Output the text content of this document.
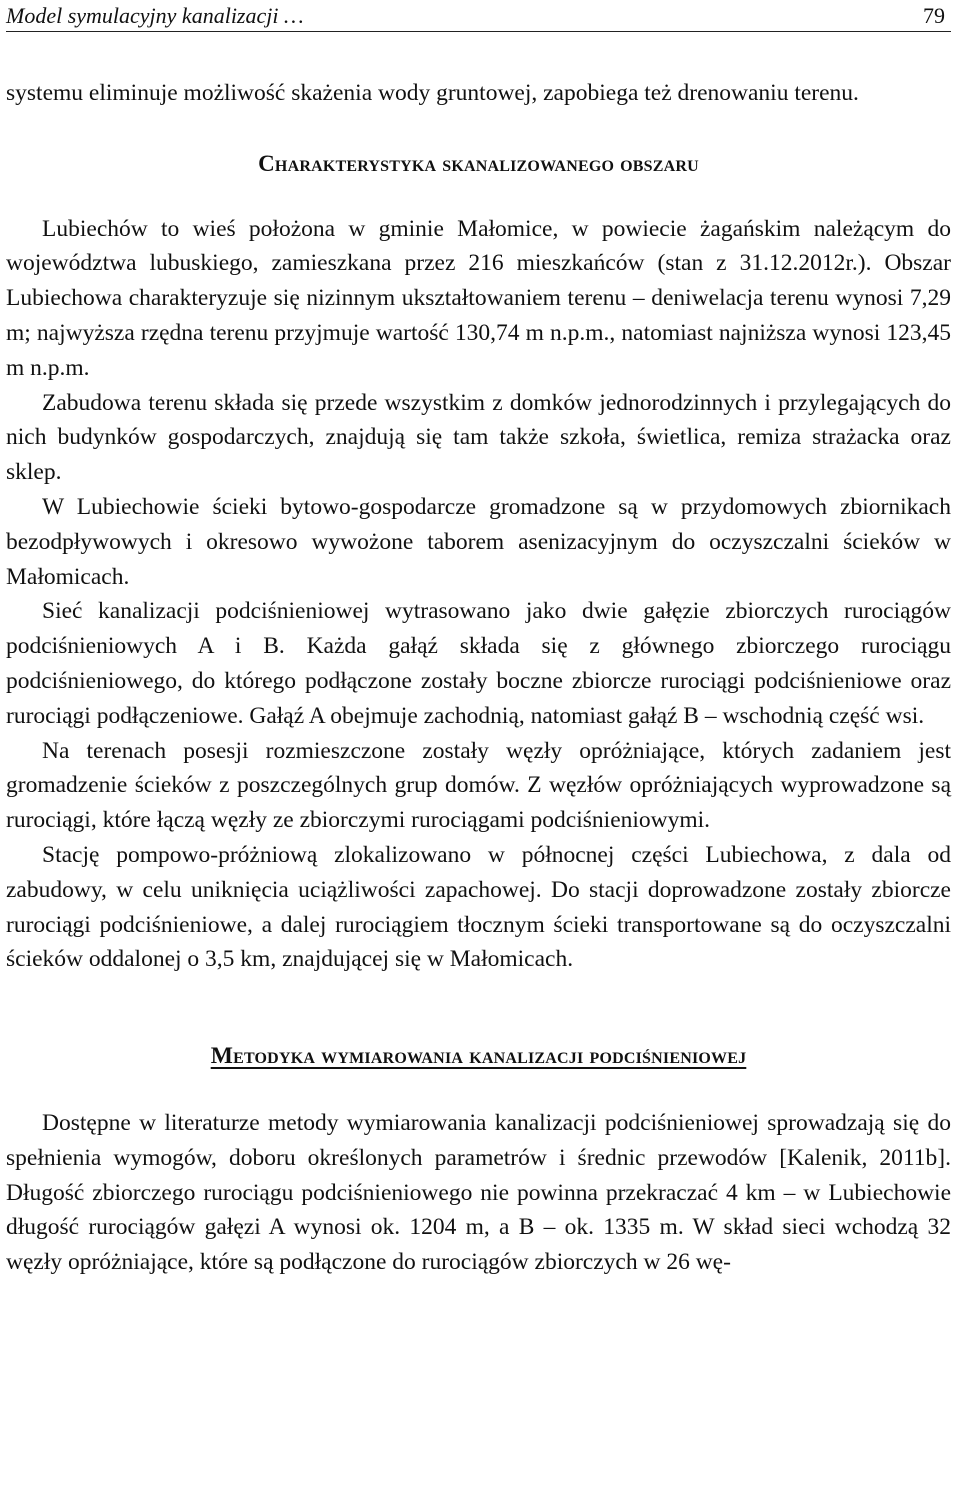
Model symulacyjny kanalizacji …	79

systemu eliminuje możliwość skażenia wody gruntowej, zapobiega też drenowaniu terenu.

Charakterystyka skanalizowanego obszaru

Lubiechów to wieś położona w gminie Małomice, w powiecie żagańskim należącym do województwa lubuskiego, zamieszkana przez 216 mieszkańców (stan z 31.12.2012r.). Obszar Lubiechowa charakteryzuje się nizinnym ukształtowaniem terenu – deniwelacja terenu wynosi 7,29 m; najwyższa rzędna terenu przyjmuje wartość 130,74 m n.p.m., natomiast najniższa wynosi 123,45 m n.p.m.

Zabudowa terenu składa się przede wszystkim z domków jednorodzinnych i przylegających do nich budynków gospodarczych, znajdują się tam także szkoła, świetlica, remiza strażacka oraz sklep.

W Lubiechowie ścieki bytowo-gospodarcze gromadzone są w przydomowych zbiornikach bezodpływowych i okresowo wywożone taborem asenizacyjnym do oczyszczalni ścieków w Małomicach.

Sieć kanalizacji podciśnieniowej wytrasowano jako dwie gałęzie zbiorczych rurociągów podciśnieniowych A i B. Każda gałąź składa się z głównego zbiorczego rurociągu podciśnieniowego, do którego podłączone zostały boczne zbiorcze rurociągi podciśnieniowe oraz rurociągi podłączeniowe. Gałąź A obejmuje zachodnią, natomiast gałąź B – wschodnią część wsi.

Na terenach posesji rozmieszczone zostały węzły opróżniające, których zadaniem jest gromadzenie ścieków z poszczególnych grup domów. Z węzłów opróżniających wyprowadzone są rurociągi, które łączą węzły ze zbiorczymi rurociągami podciśnieniowymi.

Stację pompowo-próżniową zlokalizowano w północnej części Lubiechowa, z dala od zabudowy, w celu uniknięcia uciążliwości zapachowej. Do stacji doprowadzone zostały zbiorcze rurociągi podciśnieniowe, a dalej rurociągiem tłocznym ścieki transportowane są do oczyszczalni ścieków oddalonej o 3,5 km, znajdującej się w Małomicach.

Metodyka wymiarowania kanalizacji podciśnieniowej

Dostępne w literaturze metody wymiarowania kanalizacji podciśnieniowej sprowadzają się do spełnienia wymogów, doboru określonych parametrów i średnic przewodów [Kalenik, 2011b]. Długość zbiorczego rurociągu podciśnieniowego nie powinna przekraczać 4 km – w Lubiechowie długość rurociągów gałęzi A wynosi ok. 1204 m, a B – ok. 1335 m. W skład sieci wchodzą 32 węzły opróżniające, które są podłączone do rurociągów zbiorczych w 26 wę-
